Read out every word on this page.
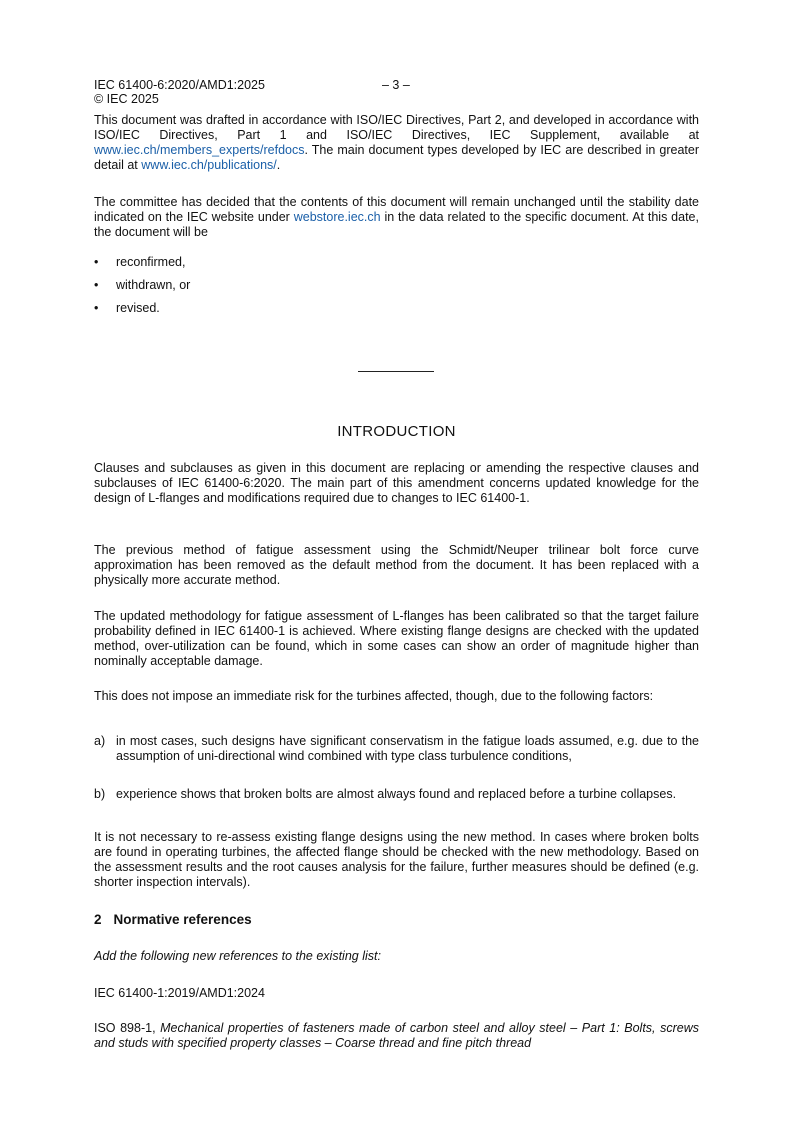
IEC 61400-6:2020/AMD1:2025	– 3 –
© IEC 2025

This document was drafted in accordance with ISO/IEC Directives, Part 2, and developed in accordance with ISO/IEC Directives, Part 1 and ISO/IEC Directives, IEC Supplement, available at www.iec.ch/members_experts/refdocs. The main document types developed by IEC are described in greater detail at www.iec.ch/publications/.

The committee has decided that the contents of this document will remain unchanged until the stability date indicated on the IEC website under webstore.iec.ch in the data related to the specific document. At this date, the document will be

• reconfirmed,
• withdrawn, or
• revised.
INTRODUCTION

Clauses and subclauses as given in this document are replacing or amending the respective clauses and subclauses of IEC 61400-6:2020. The main part of this amendment concerns updated knowledge for the design of L-flanges and modifications required due to changes to IEC 61400-1.

The previous method of fatigue assessment using the Schmidt/Neuper trilinear bolt force curve approximation has been removed as the default method from the document. It has been replaced with a physically more accurate method.

The updated methodology for fatigue assessment of L-flanges has been calibrated so that the target failure probability defined in IEC 61400-1 is achieved. Where existing flange designs are checked with the updated method, over-utilization can be found, which in some cases can show an order of magnitude higher than nominally acceptable damage.

This does not impose an immediate risk for the turbines affected, though, due to the following factors:

a) in most cases, such designs have significant conservatism in the fatigue loads assumed, e.g. due to the assumption of uni-directional wind combined with type class turbulence conditions,
b) experience shows that broken bolts are almost always found and replaced before a turbine collapses.

It is not necessary to re-assess existing flange designs using the new method. In cases where broken bolts are found in operating turbines, the affected flange should be checked with the new methodology. Based on the assessment results and the root causes analysis for the failure, further measures should be defined (e.g. shorter inspection intervals).

2 Normative references

Add the following new references to the existing list:

IEC 61400-1:2019/AMD1:2024

ISO 898-1, Mechanical properties of fasteners made of carbon steel and alloy steel – Part 1: Bolts, screws and studs with specified property classes – Coarse thread and fine pitch thread
